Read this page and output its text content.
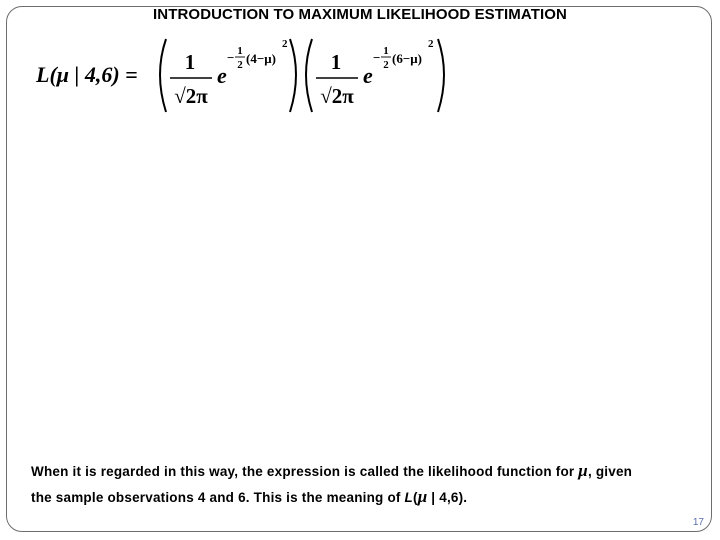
INTRODUCTION TO MAXIMUM LIKELIHOOD ESTIMATION
L(μ | 4,6) = 1
√2π
e
− 1
2 (4−μ)
2
1
√2π
e
− 1
2 (6−μ)
2
When it is regarded in this way, the expression is called the likelihood function for μ, given
the sample observations 4 and 6. This is the meaning of L(μ | 4,6).
17
